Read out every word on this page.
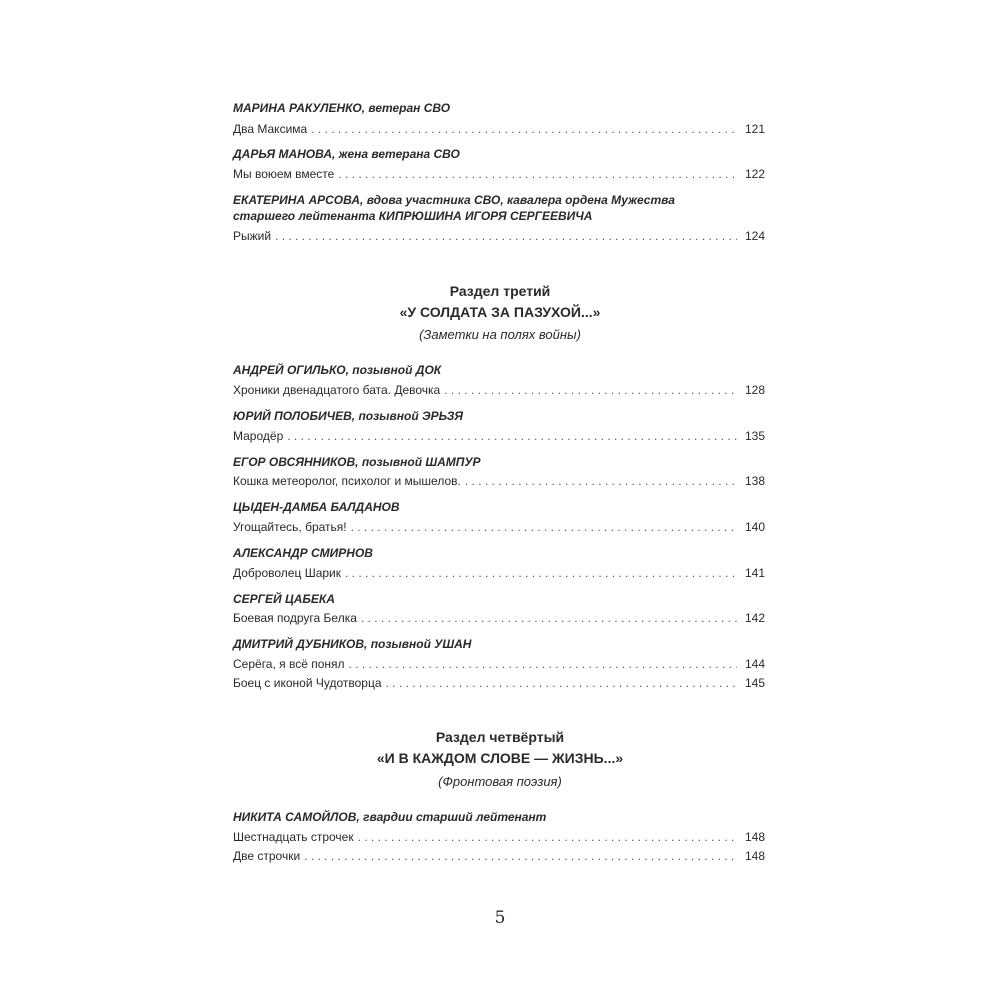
МАРИНА РАКУЛЕНКО, ветеран СВО
Два Максима . . .	121
ДАРЬЯ МАНОВА, жена ветерана СВО
Мы воюем вместе . . .	122
ЕКАТЕРИНА АРСОВА, вдова участника СВО, кавалера ордена Мужества
старшего лейтенанта КИПРЮШИНА ИГОРЯ СЕРГЕЕВИЧА
Рыжий . . .	124
Раздел третий
«У СОЛДАТА ЗА ПАЗУХОЙ...»
(Заметки на полях войны)
АНДРЕЙ ОГИЛЬКО, позывной ДОК
Хроники двенадцатого бата. Девочка . . .	128
ЮРИЙ ПОЛОБИЧЕВ, позывной ЭРЬЗЯ
Мародёр . . .	135
ЕГОР ОВСЯННИКОВ, позывной ШАМПУР
Кошка метеоролог, психолог и мышелов. . . .	138
ЦЫДЕН-ДАМБА БАЛДАНОВ
Угощайтесь, братья! . . .	140
АЛЕКСАНДР СМИРНОВ
Доброволец Шарик . . .	141
СЕРГЕЙ ЦАБЕКА
Боевая подруга Белка . . .	142
ДМИТРИЙ ДУБНИКОВ, позывной УШАН
Серёга, я всё понял . . .	144
Боец с иконой Чудотворца . . .	145
Раздел четвёртый
«И В КАЖДОМ СЛОВЕ — ЖИЗНЬ...»
(Фронтовая поэзия)
НИКИТА САМОЙЛОВ, гвардии старший лейтенант
Шестнадцать строчек . . .	148
Две строчки . . .	148
5
